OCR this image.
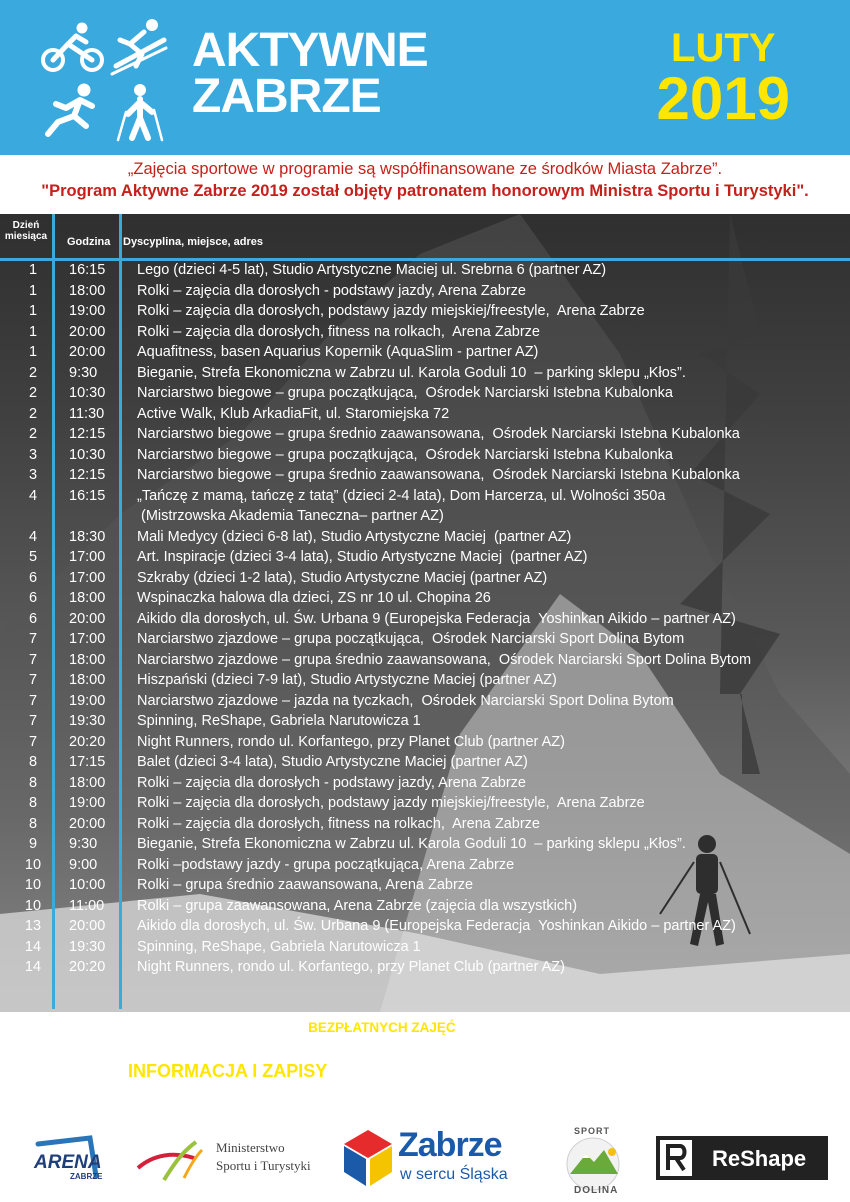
AKTYWNE
ZABRZE
LUTY
2019
„Zajęcia sportowe w programie są współfinansowane ze środków Miasta Zabrze”.
"Program Aktywne Zabrze 2019 został objęty patronatem honorowym Ministra Sportu i Turystyki".
Dzień miesiąca	Godzina Dyscyplina, miejsce, adres
1	16:15 Lego (dzieci 4-5 lat), Studio Artystyczne Maciej ul. Srebrna 6 (partner AZ)
1	18:00 Rolki – zajęcia dla dorosłych - podstawy jazdy, Arena Zabrze
1	19:00 Rolki – zajęcia dla dorosłych, podstawy jazdy miejskiej/freestyle,  Arena Zabrze
1	20:00 Rolki – zajęcia dla dorosłych, fitness na rolkach,  Arena Zabrze
1	20:00 Aquafitness, basen Aquarius Kopernik (AquaSlim - partner AZ)
2	9:30	Bieganie, Strefa Ekonomiczna w Zabrzu ul. Karola Goduli 10  – parking sklepu „Kłos”.
2	10:30 Narciarstwo biegowe – grupa początkująca,  Ośrodek Narciarski Istebna Kubalonka
2	11:30 Active Walk, Klub ArkadiaFit, ul. Staromiejska 72
2	12:15 Narciarstwo biegowe – grupa średnio zaawansowana,  Ośrodek Narciarski Istebna Kubalonka
3	10:30 Narciarstwo biegowe – grupa początkująca,  Ośrodek Narciarski Istebna Kubalonka
3	12:15 Narciarstwo biegowe – grupa średnio zaawansowana,  Ośrodek Narciarski Istebna Kubalonka
4	16:15 „Tańczę z mamą, tańczę z tatą” (dzieci 2-4 lata), Dom Harcerza, ul. Wolności 350a
(Mistrzowska Akademia Taneczna– partner AZ)
4	18:30 Mali Medycy (dzieci 6-8 lat), Studio Artystyczne Maciej  (partner AZ)
5	17:00 Art. Inspiracje (dzieci 3-4 lata), Studio Artystyczne Maciej  (partner AZ)
6	17:00 Szkraby (dzieci 1-2 lata), Studio Artystyczne Maciej (partner AZ)
6	18:00 Wspinaczka halowa dla dzieci, ZS nr 10 ul. Chopina 26
6	20:00 Aikido dla dorosłych, ul. Św. Urbana 9 (Europejska Federacja  Yoshinkan Aikido – partner AZ)
7	17:00 Narciarstwo zjazdowe – grupa początkująca,  Ośrodek Narciarski Sport Dolina Bytom
7	18:00 Narciarstwo zjazdowe – grupa średnio zaawansowana,  Ośrodek Narciarski Sport Dolina Bytom
7	18:00 Hiszpański (dzieci 7-9 lat), Studio Artystyczne Maciej (partner AZ)
7	19:00 Narciarstwo zjazdowe – jazda na tyczkach,  Ośrodek Narciarski Sport Dolina Bytom
7	19:30 Spinning, ReShape, Gabriela Narutowicza 1
7	20:20 Night Runners, rondo ul. Korfantego, przy Planet Club (partner AZ)
8	17:15 Balet (dzieci 3-4 lata), Studio Artystyczne Maciej (partner AZ)
8	18:00 Rolki – zajęcia dla dorosłych - podstawy jazdy, Arena Zabrze
8	19:00 Rolki – zajęcia dla dorosłych, podstawy jazdy miejskiej/freestyle,  Arena Zabrze
8	20:00 Rolki – zajęcia dla dorosłych, fitness na rolkach,  Arena Zabrze
9	9:30	Bieganie, Strefa Ekonomiczna w Zabrzu ul. Karola Goduli 10  – parking sklepu „Kłos”.
10	9:00	Rolki –podstawy jazdy - grupa początkująca, Arena Zabrze
10	10:00 Rolki – grupa średnio zaawansowana, Arena Zabrze
10	11:00 Rolki – grupa zaawansowana, Arena Zabrze (zajęcia dla wszystkich)
13	20:00 Aikido dla dorosłych, ul. Św. Urbana 9 (Europejska Federacja  Yoshinkan Aikido – partner AZ)
14	19:30 Spinning, ReShape, Gabriela Narutowicza 1
14	20:20 Night Runners, rondo ul. Korfantego, przy Planet Club (partner AZ)
AKTYWNE ZABRZE - PROGRAM BEZPŁATNYCH ZAJĘĆ SPORTOWYCH DLA MIESZKAŃCÓW ZABRZA
Z TRENEREM LUB INSTRUKTOREM DANEJ DYSCYPLINY.
INFORMACJA I ZAPISY PRZYJMUJE PUNKT INFORMACJI O MIEŚCIE
TEL. 32 271-72-76
ARENA
ZABRZE
Ministerstwo
Sportu i Turystyki
Zabrze
w sercu Śląska
SPORT
DOLINA
ReShape
